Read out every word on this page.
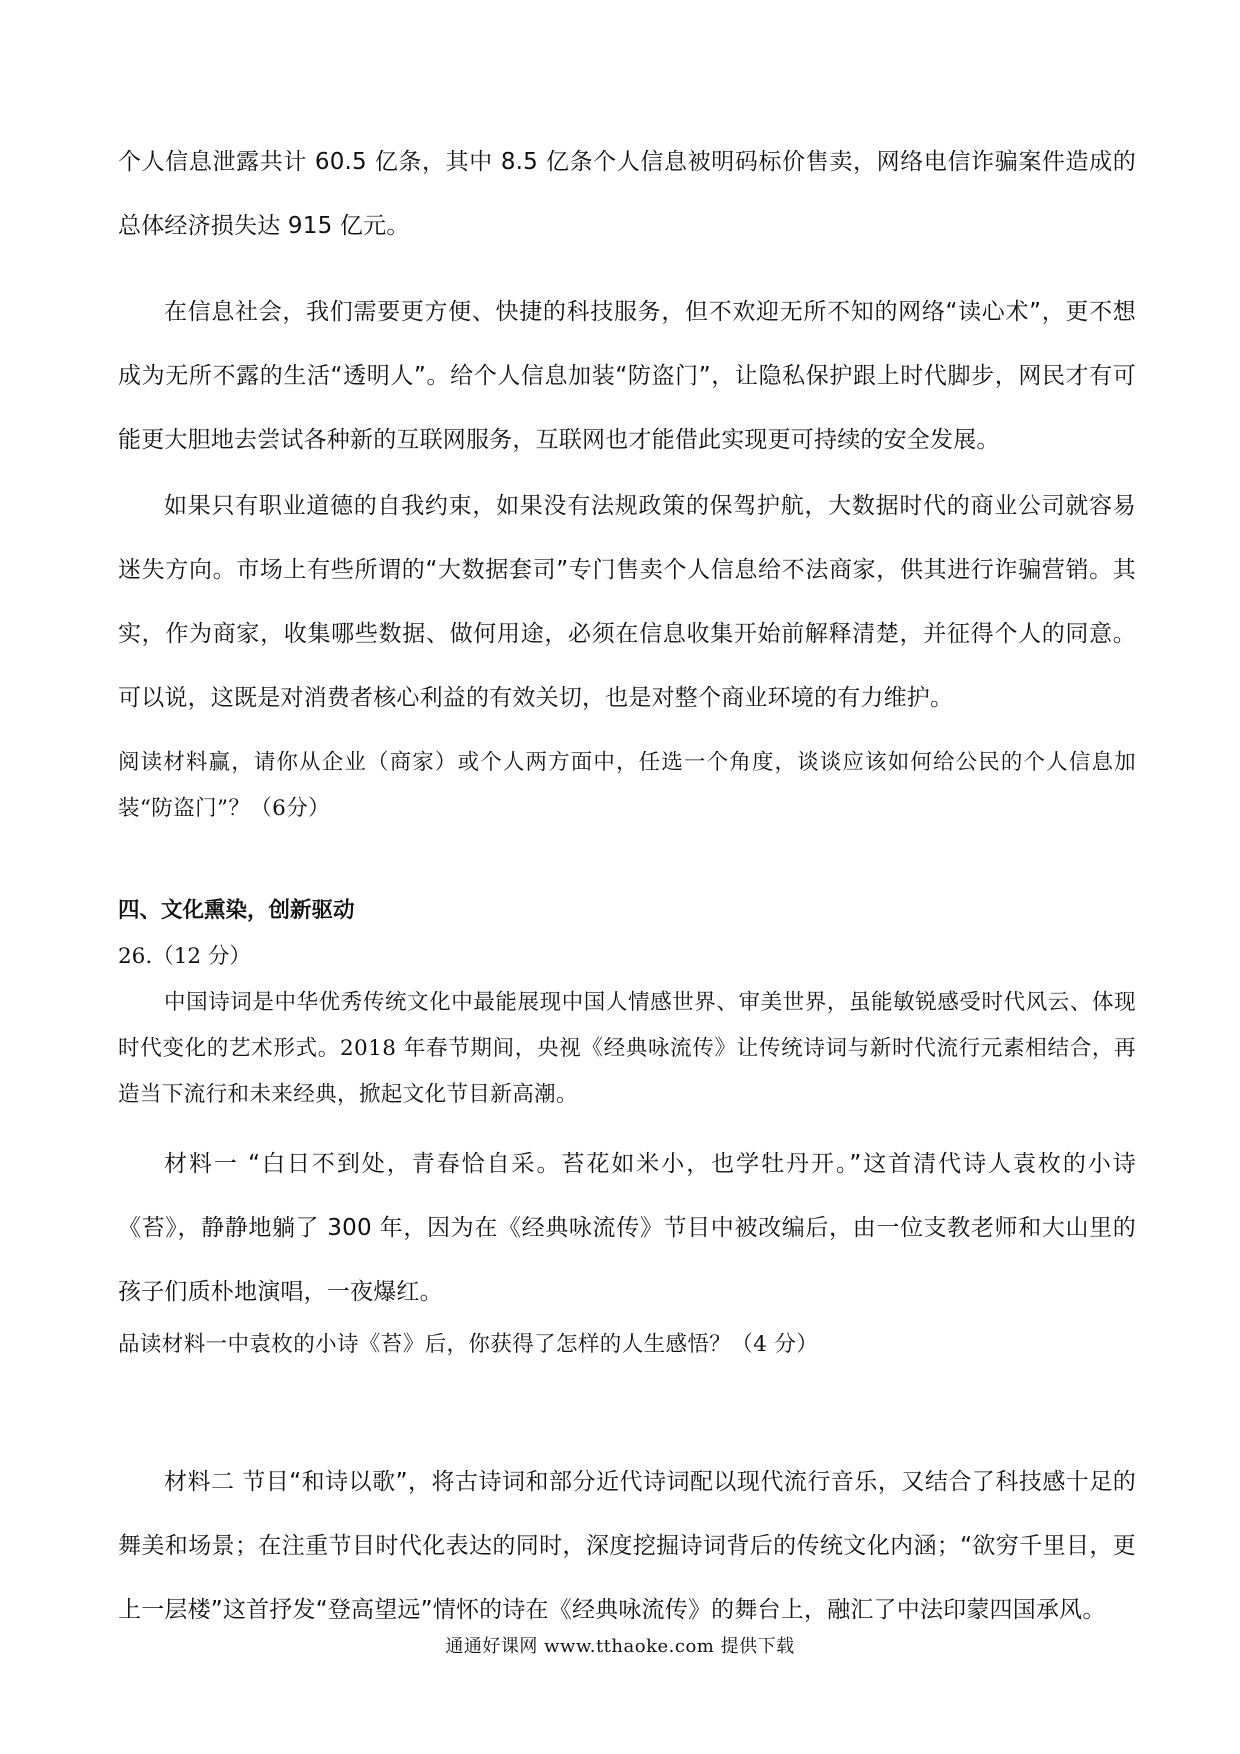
个人信息泄露共计 60.5 亿条，其中 8.5 亿条个人信息被明码标价售卖，网络电信诈骗案件造成的总体经济损失达 915 亿元。

在信息社会，我们需要更方便、快捷的科技服务，但不欢迎无所不知的网络“读心术”，更不想成为无所不露的生活“透明人”。给个人信息加装“防盗门”，让隐私保护跟上时代脚步，网民才有可能更大胆地去尝试各种新的互联网服务，互联网也才能借此实现更可持续的安全发展。

如果只有职业道德的自我约束，如果没有法规政策的保驾护航，大数据时代的商业公司就容易迷失方向。市场上有些所谓的“大数据套司”专门售卖个人信息给不法商家，供其进行诈骗营销。其实，作为商家，收集哪些数据、做何用途，必须在信息收集开始前解释清楚，并征得个人的同意。可以说，这既是对消费者核心利益的有效关切，也是对整个商业环境的有力维护。

阅读材料赢，请你从企业（商家）或个人两方面中，任选一个角度，谈谈应该如何给公民的个人信息加装“防盗门”？（6分）

四、文化熏染，创新驱动

26.（12 分）

中国诗词是中华优秀传统文化中最能展现中国人情感世界、审美世界，虽能敏锐感受时代风云、体现时代变化的艺术形式。2018 年春节期间，央视《经典咏流传》让传统诗词与新时代流行元素相结合，再造当下流行和未来经典，掀起文化节目新高潮。

材料一 “白日不到处，青春恰自采。苔花如米小，也学牡丹开。”这首清代诗人袁枚的小诗《苔》，静静地躺了 300 年，因为在《经典咏流传》节目中被改编后，由一位支教老师和大山里的孩子们质朴地演唱，一夜爆红。

品读材料一中袁枚的小诗《苔》后，你获得了怎样的人生感悟？（4 分）

材料二 节目“和诗以歌”，将古诗词和部分近代诗词配以现代流行音乐，又结合了科技感十足的舞美和场景；在注重节目时代化表达的同时，深度挖掘诗词背后的传统文化内涵；“欲穷千里目，更上一层楼”这首抒发“登高望远”情怀的诗在《经典咏流传》的舞台上，融汇了中法印蒙四国承风。

通通好课网 www.tthaoke.com 提供下载
